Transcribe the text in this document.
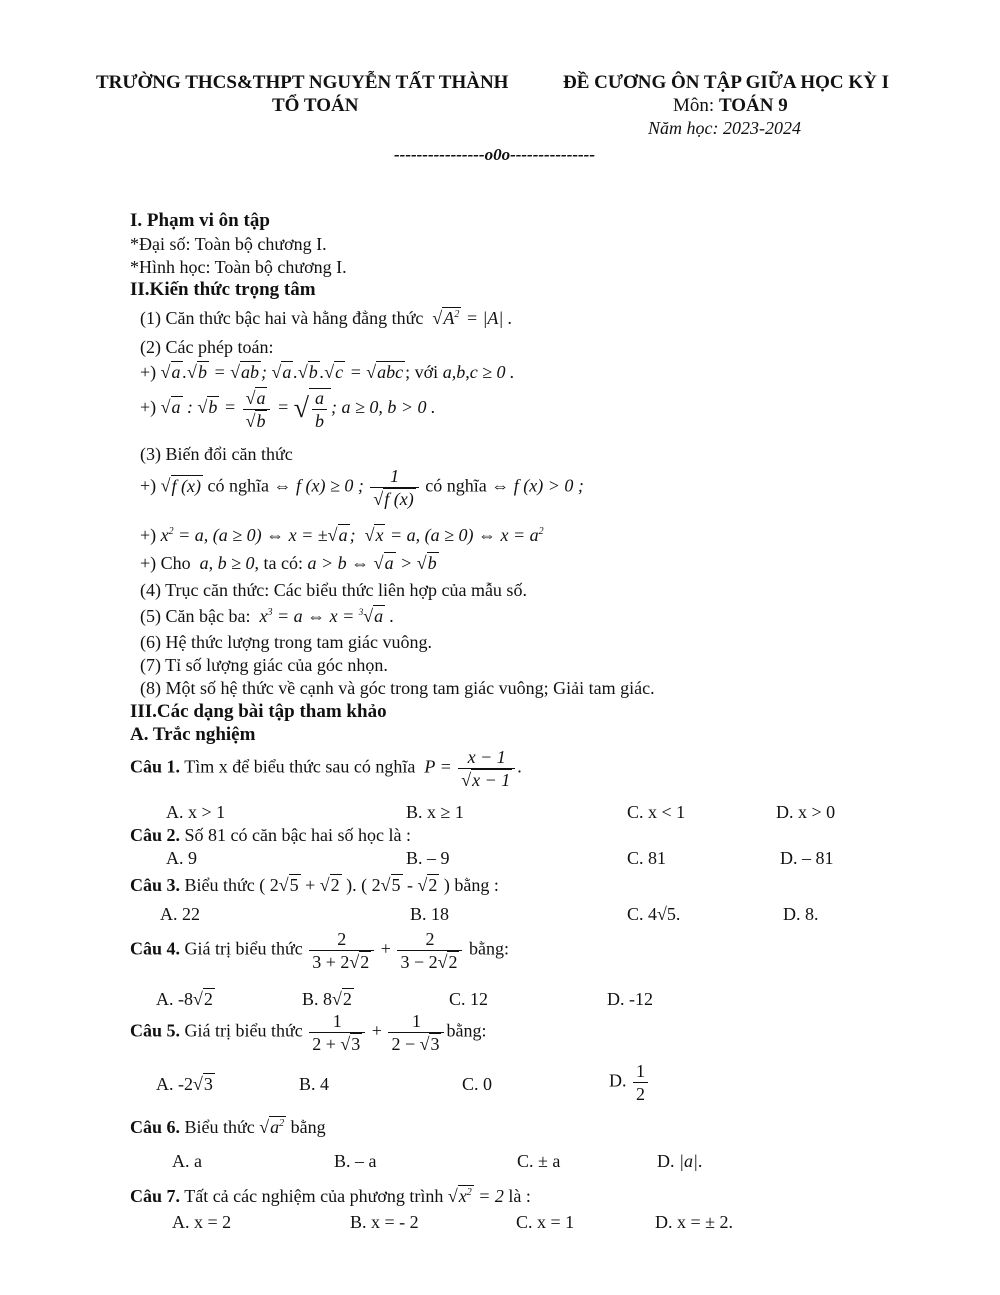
TRƯỜNG THCS&THPT NGUYỄN TẤT THÀNH
TỔ TOÁN
ĐỀ CƯƠNG ÔN TẬP GIỮA HỌC KỲ I
Môn: TOÁN 9
Năm học: 2023-2024
----------------o0o---------------
I. Phạm vi ôn tập
*Đại số: Toàn bộ chương I.
*Hình học: Toàn bộ chương I.
II.Kiến thức trọng tâm
(1) Căn thức bậc hai và hằng đẳng thức  $√A^2 = |A|$ .
(2) Các phép toán:
+) √a .√b = √ab ; √a .√b .√c = √abc ; với a,b,c ≥ 0 .
+) √a : $√b = \frac{√a}{√b}$ = √ $\frac{a}{b}$ ; a ≥ 0, b > 0 .
(3) Biến đổi căn thức
+) √f (x) có nghĩa ⇔ f (x) ≥ 0 ; $\frac{1}{√f (x)}$ có nghĩa ⇔ f (x) > 0 ;
+) $x^2 = a$, (a ≥ 0) ⇔ x = ±√a ;  √x = a, (a ≥ 0) ⇔ $x = a^2$
+) Cho  a, b ≥ 0, ta có: a > b ⇔ √a > √b
(4) Trục căn thức: Các biểu thức liên hợp của mẫu số.
(5) Căn bậc ba:  $x^3 = a$ ⇔ x = $^3$√a .
(6) Hệ thức lượng trong tam giác vuông.
(7) Tỉ số lượng giác của góc nhọn.
(8) Một số hệ thức về cạnh và góc trong tam giác vuông; Giải tam giác.
III.Các dạng bài tập tham khảo
A. Trắc nghiệm
Câu 1. Tìm x để biểu thức sau có nghĩa  $P = \frac{x - 1}{√x - 1}$ .
A. x > 1	B. x ≥ 1	C. x < 1	D. x > 0
Câu 2. Số 81 có căn bậc hai số học là :
A. 9	B. – 9	C. 81	D. – 81
Câu 3. Biểu thức ( 2√5 + √2 ). ( 2√5 - √2 ) bằng :
A. 22	B. 18	C. 4√5.	D. 8.
Câu 4. Giá trị biểu thức $\frac{2}{3 + 2√2} + \frac{2}{3 - 2√2}$ bằng:
A. -8√2	B. 8√2	C. 12	D. -12
Câu 5. Giá trị biểu thức $\frac{1}{2 + √3} + \frac{1}{2 - √3}$ bằng:
A. -2√3	B. 4	C. 0	D. $\frac{1}{2}$
Câu 6. Biểu thức $√a^2$ bằng
A. a	B. – a	C. ± a	D. |a|.
Câu 7. Tất cả các nghiệm của phương trình $√x^2 = 2$ là :
A. x = 2	B. x = - 2	C. x = 1	D. x = ± 2.
